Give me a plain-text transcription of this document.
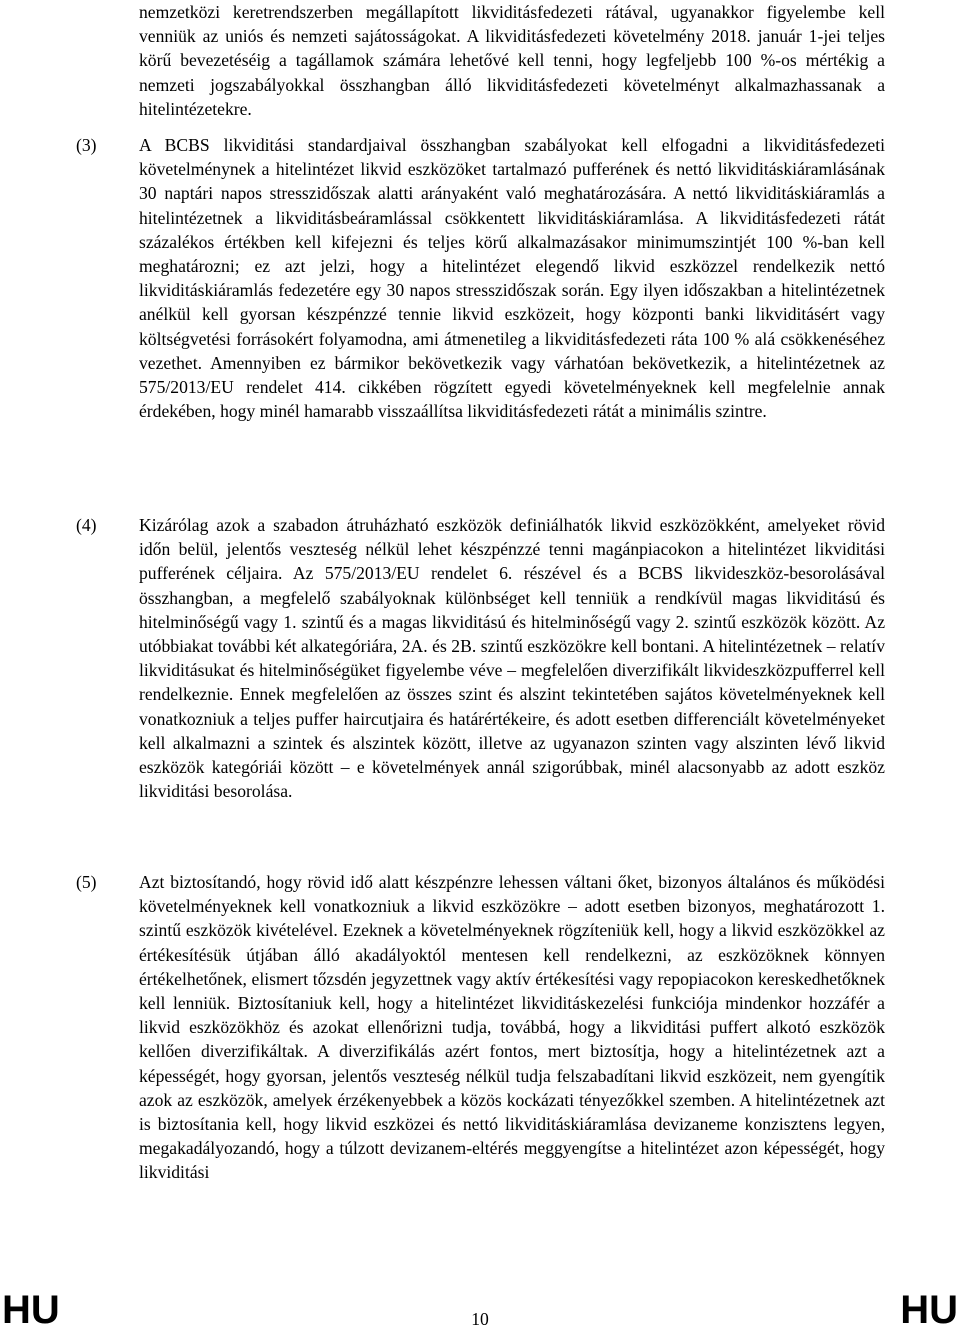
nemzetközi keretrendszerben megállapított likviditásfedezeti rátával, ugyanakkor figyelembe kell venniük az uniós és nemzeti sajátosságokat. A likviditásfedezeti követelmény 2018. január 1-jei teljes körű bevezetéséig a tagállamok számára lehetővé kell tenni, hogy legfeljebb 100 %-os mértékig a nemzeti jogszabályokkal összhangban álló likviditásfedezeti követelményt alkalmazhassanak a hitelintézetekre.

(3) A BCBS likviditási standardjaival összhangban szabályokat kell elfogadni a likviditásfedezeti követelménynek a hitelintézet likvid eszközöket tartalmazó pufferének és nettó likviditáskiáramlásának 30 naptári napos stresszidőszak alatti arányaként való meghatározására. A nettó likviditáskiáramlás a hitelintézetnek a likviditásbeáramlással csökkentett likviditáskiáramlása. A likviditásfedezeti rátát százalékos értékben kell kifejezni és teljes körű alkalmazásakor minimumszintjét 100 %-ban kell meghatározni; ez azt jelzi, hogy a hitelintézet elegendő likvid eszközzel rendelkezik nettó likviditáskiáramlás fedezetére egy 30 napos stresszidőszak során. Egy ilyen időszakban a hitelintézetnek anélkül kell gyorsan készpénzzé tennie likvid eszközeit, hogy központi banki likviditásért vagy költségvetési forrásokért folyamodna, ami átmenetileg a likviditásfedezeti ráta 100 % alá csökkenéséhez vezethet. Amennyiben ez bármikor bekövetkezik vagy várhatóan bekövetkezik, a hitelintézetnek az 575/2013/EU rendelet 414. cikkében rögzített egyedi követelményeknek kell megfelelnie annak érdekében, hogy minél hamarabb visszaállítsa likviditásfedezeti rátát a minimális szintre.

(4) Kizárólag azok a szabadon átruházható eszközök definiálhatók likvid eszközökként, amelyeket rövid időn belül, jelentős veszteség nélkül lehet készpénzzé tenni magánpiacokon a hitelintézet likviditási pufferének céljaira. Az 575/2013/EU rendelet 6. részével és a BCBS likvideszköz-besorolásával összhangban, a megfelelő szabályoknak különbséget kell tenniük a rendkívül magas likviditású és hitelminőségű vagy 1. szintű és a magas likviditású és hitelminőségű vagy 2. szintű eszközök között. Az utóbbiakat további két alkategóriára, 2A. és 2B. szintű eszközökre kell bontani. A hitelintézetnek – relatív likviditásukat és hitelminőségüket figyelembe véve – megfelelően diverzifikált likvideszközpufferrel kell rendelkeznie. Ennek megfelelően az összes szint és alszint tekintetében sajátos követelményeknek kell vonatkozniuk a teljes puffer haircutjaira és határértékeire, és adott esetben differenciált követelményeket kell alkalmazni a szintek és alszintek között, illetve az ugyanazon szinten vagy alszinten lévő likvid eszközök kategóriái között – e követelmények annál szigorúbbak, minél alacsonyabb az adott eszköz likviditási besorolása.

(5) Azt biztosítandó, hogy rövid idő alatt készpénzre lehessen váltani őket, bizonyos általános és működési követelményeknek kell vonatkozniuk a likvid eszközökre – adott esetben bizonyos, meghatározott 1. szintű eszközök kivételével. Ezeknek a követelményeknek rögzíteniük kell, hogy a likvid eszközökkel az értékesítésük útjában álló akadályoktól mentesen kell rendelkezni, az eszközöknek könnyen értékelhetőnek, elismert tőzsdén jegyzettnek vagy aktív értékesítési vagy repopiacokon kereskedhetőknek kell lenniük. Biztosítaniuk kell, hogy a hitelintézet likviditáskezelési funkciója mindenkor hozzáfér a likvid eszközökhöz és azokat ellenőrizni tudja, továbbá, hogy a likviditási puffert alkotó eszközök kellően diverzifikáltak. A diverzifikálás azért fontos, mert biztosítja, hogy a hitelintézetnek azt a képességét, hogy gyorsan, jelentős veszteség nélkül tudja felszabadítani likvid eszközeit, nem gyengítik azok az eszközök, amelyek érzékenyebbek a közös kockázati tényezőkkel szemben. A hitelintézetnek azt is biztosítania kell, hogy likvid eszközei és nettó likviditáskiáramlása devizaneme konzisztens legyen, megakadályozandó, hogy a túlzott devizanem-eltérés meggyengítse a hitelintézet azon képességét, hogy likviditási

HU	10	HU
